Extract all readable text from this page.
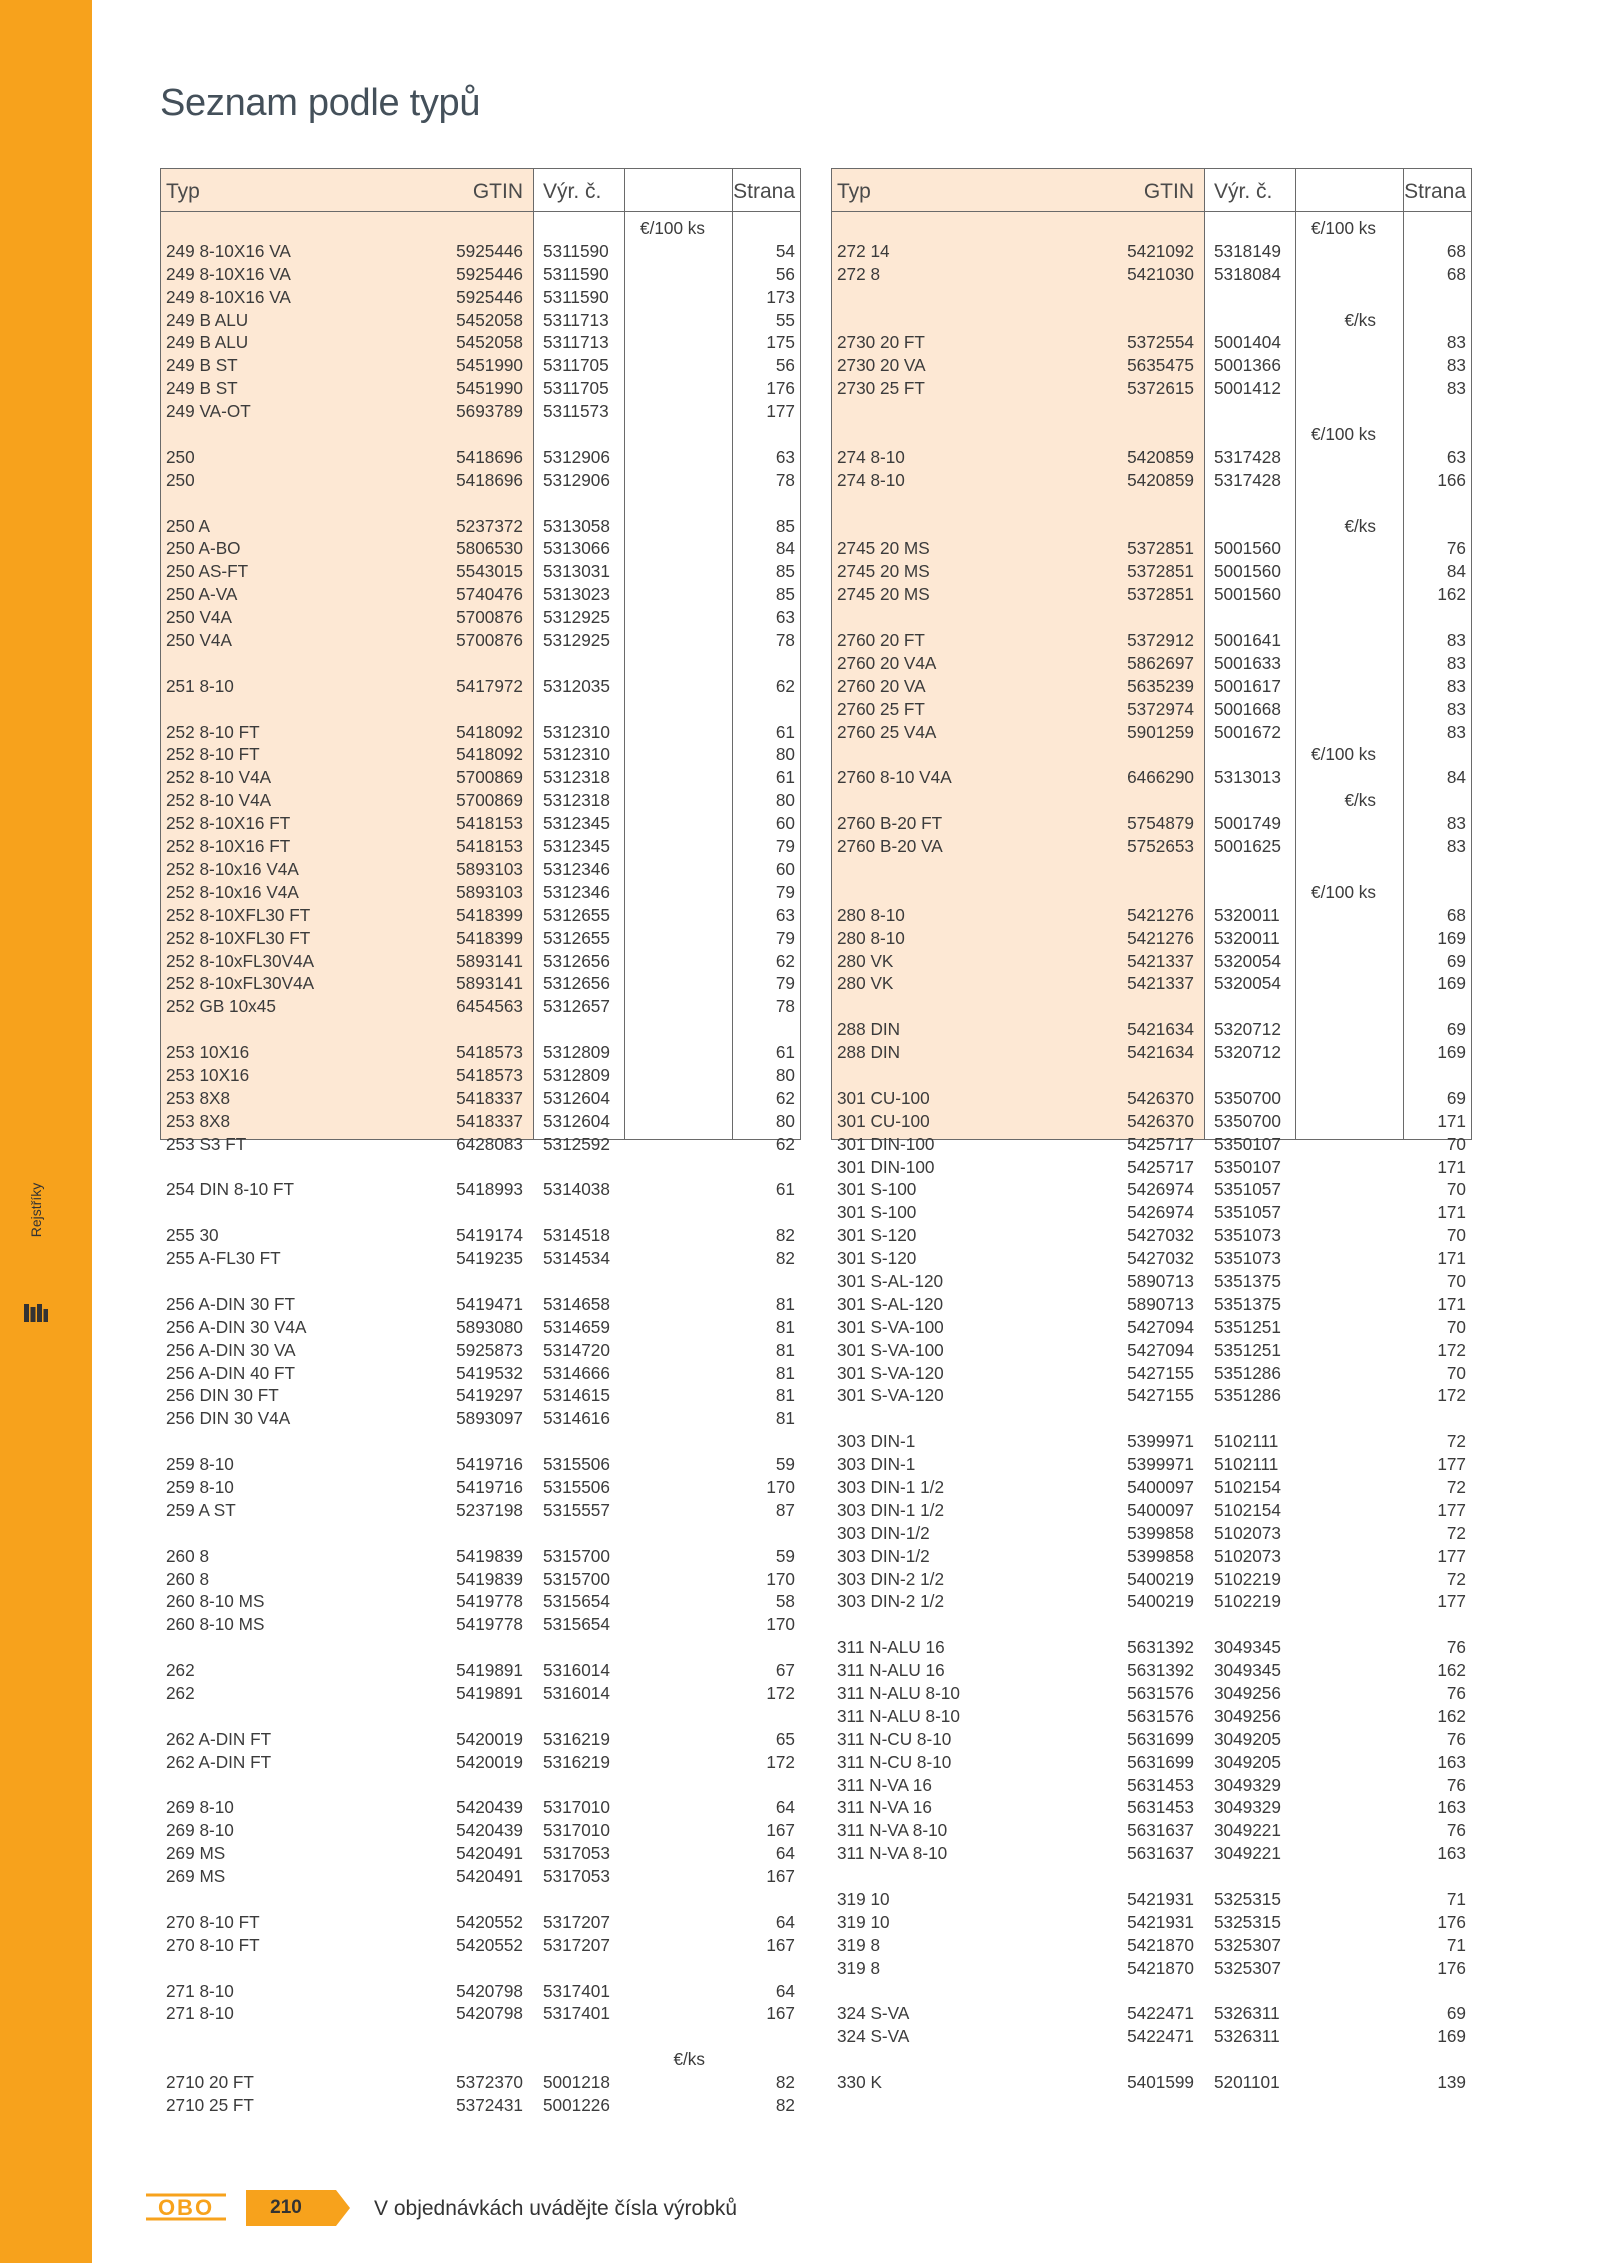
Rejstříky
Seznam podle typů
Typ	GTIN Výr. č.	Strana
€/100 ks
249 8-10X16 VA	5925446 5311590	54
249 8-10X16 VA	5925446 5311590	56
249 8-10X16 VA	5925446 5311590	173
249 B ALU	5452058 5311713	55
249 B ALU	5452058 5311713	175
249 B ST	5451990 5311705	56
249 B ST	5451990 5311705	176
249 VA-OT	5693789 5311573	177
250	5418696 5312906	63
250	5418696 5312906	78
250 A	5237372 5313058	85
250 A-BO	5806530 5313066	84
250 AS-FT	5543015 5313031	85
250 A-VA	5740476 5313023	85
250 V4A	5700876 5312925	63
250 V4A	5700876 5312925	78
251 8-10	5417972 5312035	62
252 8-10 FT	5418092 5312310	61
252 8-10 FT	5418092 5312310	80
252 8-10 V4A	5700869 5312318	61
252 8-10 V4A	5700869 5312318	80
252 8-10X16 FT	5418153 5312345	60
252 8-10X16 FT	5418153 5312345	79
252 8-10x16 V4A	5893103 5312346	60
252 8-10x16 V4A	5893103 5312346	79
252 8-10XFL30 FT	5418399 5312655	63
252 8-10XFL30 FT	5418399 5312655	79
252 8-10xFL30V4A	5893141 5312656	62
252 8-10xFL30V4A	5893141 5312656	79
252 GB 10x45	6454563 5312657	78
253 10X16	5418573 5312809	61
253 10X16	5418573 5312809	80
253 8X8	5418337 5312604	62
253 8X8	5418337 5312604	80
253 S3 FT	6428083 5312592	62
254 DIN 8-10 FT	5418993 5314038	61
255 30	5419174 5314518	82
255 A-FL30 FT	5419235 5314534	82
256 A-DIN 30 FT	5419471 5314658	81
256 A-DIN 30 V4A	5893080 5314659	81
256 A-DIN 30 VA	5925873 5314720	81
256 A-DIN 40 FT	5419532 5314666	81
256 DIN 30 FT	5419297 5314615	81
256 DIN 30 V4A	5893097 5314616	81
259 8-10	5419716 5315506	59
259 8-10	5419716 5315506	170
259 A ST	5237198 5315557	87
260 8	5419839 5315700	59
260 8	5419839 5315700	170
260 8-10 MS	5419778 5315654	58
260 8-10 MS	5419778 5315654	170
262	5419891 5316014	67
262	5419891 5316014	172
262 A-DIN FT	5420019 5316219	65
262 A-DIN FT	5420019 5316219	172
269 8-10	5420439 5317010	64
269 8-10	5420439 5317010	167
269 MS	5420491 5317053	64
269 MS	5420491 5317053	167
270 8-10 FT	5420552 5317207	64
270 8-10 FT	5420552 5317207	167
271 8-10	5420798 5317401	64
271 8-10	5420798 5317401	167
€/ks
2710 20 FT	5372370 5001218	82
2710 25 FT	5372431 5001226	82
Typ	GTIN Výr. č.	Strana
€/100 ks
272 14	5421092 5318149	68
272 8	5421030 5318084	68
€/ks
2730 20 FT	5372554 5001404	83
2730 20 VA	5635475 5001366	83
2730 25 FT	5372615 5001412	83
€/100 ks
274 8-10	5420859 5317428	63
274 8-10	5420859 5317428	166
€/ks
2745 20 MS	5372851 5001560	76
2745 20 MS	5372851 5001560	84
2745 20 MS	5372851 5001560	162
2760 20 FT	5372912 5001641	83
2760 20 V4A	5862697 5001633	83
2760 20 VA	5635239 5001617	83
2760 25 FT	5372974 5001668	83
2760 25 V4A	5901259 5001672	83
€/100 ks
2760 8-10 V4A	6466290 5313013	84
€/ks
2760 B-20 FT	5754879 5001749	83
2760 B-20 VA	5752653 5001625	83
€/100 ks
280 8-10	5421276 5320011	68
280 8-10	5421276 5320011	169
280 VK	5421337 5320054	69
280 VK	5421337 5320054	169
288 DIN	5421634 5320712	69
288 DIN	5421634 5320712	169
301 CU-100	5426370 5350700	69
301 CU-100	5426370 5350700	171
301 DIN-100	5425717 5350107	70
301 DIN-100	5425717 5350107	171
301 S-100	5426974 5351057	70
301 S-100	5426974 5351057	171
301 S-120	5427032 5351073	70
301 S-120	5427032 5351073	171
301 S-AL-120	5890713 5351375	70
301 S-AL-120	5890713 5351375	171
301 S-VA-100	5427094 5351251	70
301 S-VA-100	5427094 5351251	172
301 S-VA-120	5427155 5351286	70
301 S-VA-120	5427155 5351286	172
303 DIN-1	5399971 5102111	72
303 DIN-1	5399971 5102111	177
303 DIN-1 1/2	5400097 5102154	72
303 DIN-1 1/2	5400097 5102154	177
303 DIN-1/2	5399858 5102073	72
303 DIN-1/2	5399858 5102073	177
303 DIN-2 1/2	5400219 5102219	72
303 DIN-2 1/2	5400219 5102219	177
311 N-ALU 16	5631392 3049345	76
311 N-ALU 16	5631392 3049345	162
311 N-ALU 8-10	5631576 3049256	76
311 N-ALU 8-10	5631576 3049256	162
311 N-CU 8-10	5631699 3049205	76
311 N-CU 8-10	5631699 3049205	163
311 N-VA 16	5631453 3049329	76
311 N-VA 16	5631453 3049329	163
311 N-VA 8-10	5631637 3049221	76
311 N-VA 8-10	5631637 3049221	163
319 10	5421931 5325315	71
319 10	5421931 5325315	176
319 8	5421870 5325307	71
319 8	5421870 5325307	176
324 S-VA	5422471 5326311	69
324 S-VA	5422471 5326311	169
330 K	5401599 5201101	139
OBO	210	V objednávkách uvádějte čísla výrobků
